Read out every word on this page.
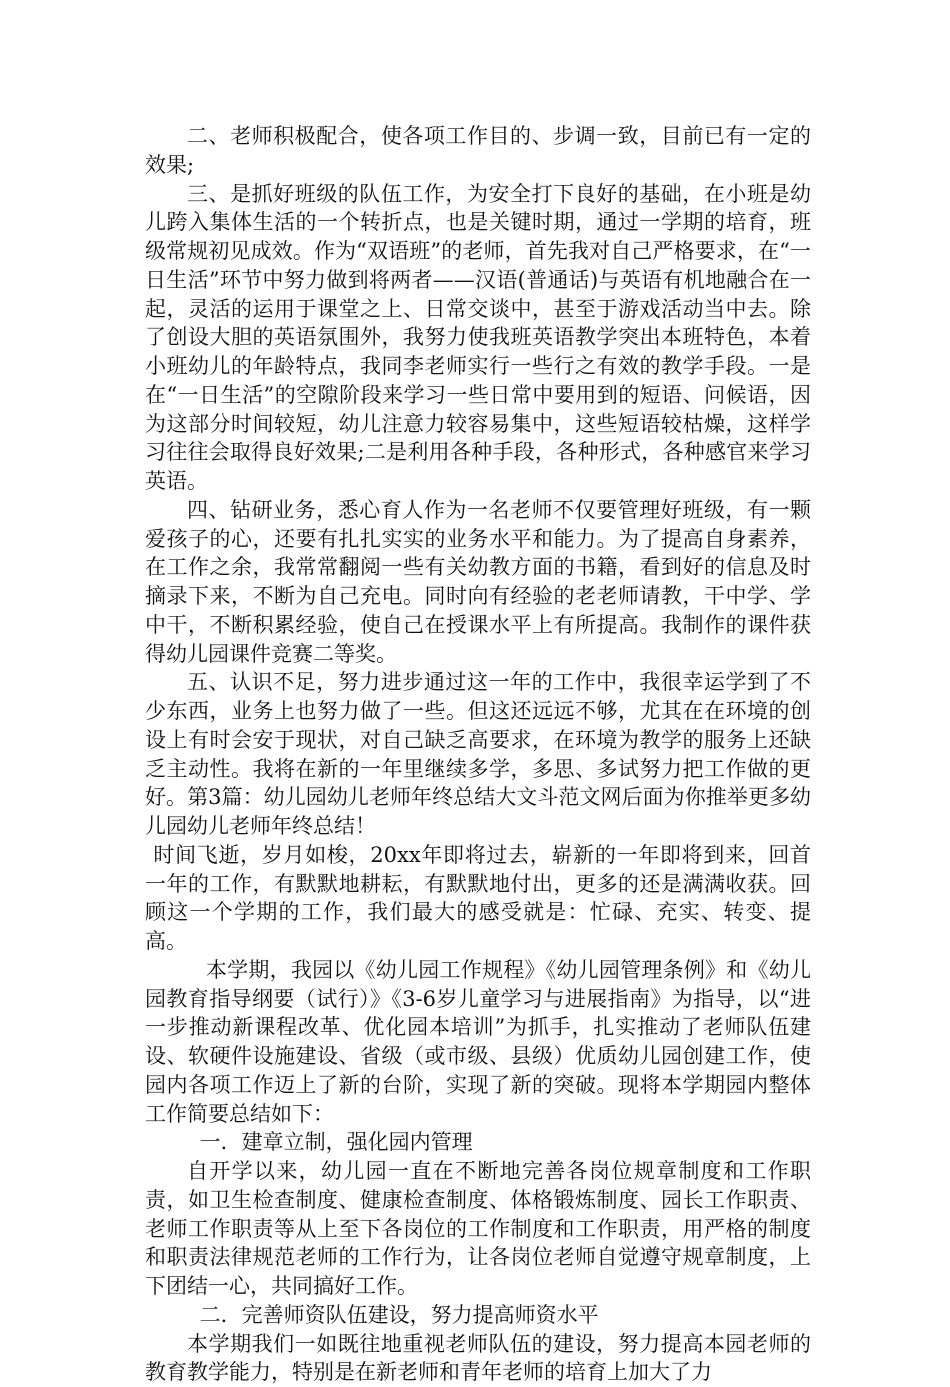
二、老师积极配合，使各项工作目的、步调一致，目前已有一定的效果;

三、是抓好班级的队伍工作，为安全打下良好的基础，在小班是幼儿跨入集体生活的一个转折点，也是关键时期，通过一学期的培育，班级常规初见成效。作为“双语班”的老师，首先我对自己严格要求，在“一日生活”环节中努力做到将两者——汉语(普通话)与英语有机地融合在一起，灵活的运用于课堂之上、日常交谈中，甚至于游戏活动当中去。除了创设大胆的英语氛围外，我努力使我班英语教学突出本班特色，本着小班幼儿的年龄特点，我同李老师实行一些行之有效的教学手段。一是在“一日生活”的空隙阶段来学习一些日常中要用到的短语、问候语，因为这部分时间较短，幼儿注意力较容易集中，这些短语较枯燥，这样学习往往会取得良好效果;二是利用各种手段，各种形式，各种感官来学习英语。

四、钻研业务，悉心育人作为一名老师不仅要管理好班级，有一颗爱孩子的心，还要有扎扎实实的业务水平和能力。为了提高自身素养，在工作之余，我常常翻阅一些有关幼教方面的书籍，看到好的信息及时摘录下来，不断为自己充电。同时向有经验的老老师请教，干中学、学中干，不断积累经验，使自己在授课水平上有所提高。我制作的课件获得幼儿园课件竞赛二等奖。

五、认识不足，努力进步通过这一年的工作中，我很幸运学到了不少东西，业务上也努力做了一些。但这还远远不够，尤其在在环境的创设上有时会安于现状，对自己缺乏高要求，在环境为教学的服务上还缺乏主动性。我将在新的一年里继续多学，多思、多试努力把工作做的更好。第3篇：幼儿园幼儿老师年终总结大文斗范文网后面为你推举更多幼儿园幼儿老师年终总结！

时间飞逝，岁月如梭，20xx年即将过去，崭新的一年即将到来，回首一年的工作，有默默地耕耘，有默默地付出，更多的还是满满收获。回顾这一个学期的工作，我们最大的感受就是：忙碌、充实、转变、提高。

本学期，我园以《幼儿园工作规程》《幼儿园管理条例》和《幼儿园教育指导纲要（试行）》《3-6岁儿童学习与进展指南》为指导，以“进一步推动新课程改革、优化园本培训”为抓手，扎实推动了老师队伍建设、软硬件设施建设、省级（或市级、县级）优质幼儿园创建工作，使园内各项工作迈上了新的台阶，实现了新的突破。现将本学期园内整体工作简要总结如下：

一．建章立制，强化园内管理

自开学以来，幼儿园一直在不断地完善各岗位规章制度和工作职责，如卫生检查制度、健康检查制度、体格锻炼制度、园长工作职责、老师工作职责等从上至下各岗位的工作制度和工作职责，用严格的制度和职责法律规范老师的工作行为，让各岗位老师自觉遵守规章制度，上下团结一心，共同搞好工作。

二．完善师资队伍建设，努力提高师资水平

本学期我们一如既往地重视老师队伍的建设，努力提高本园老师的教育教学能力，特别是在新老师和青年老师的培育上加大了力
